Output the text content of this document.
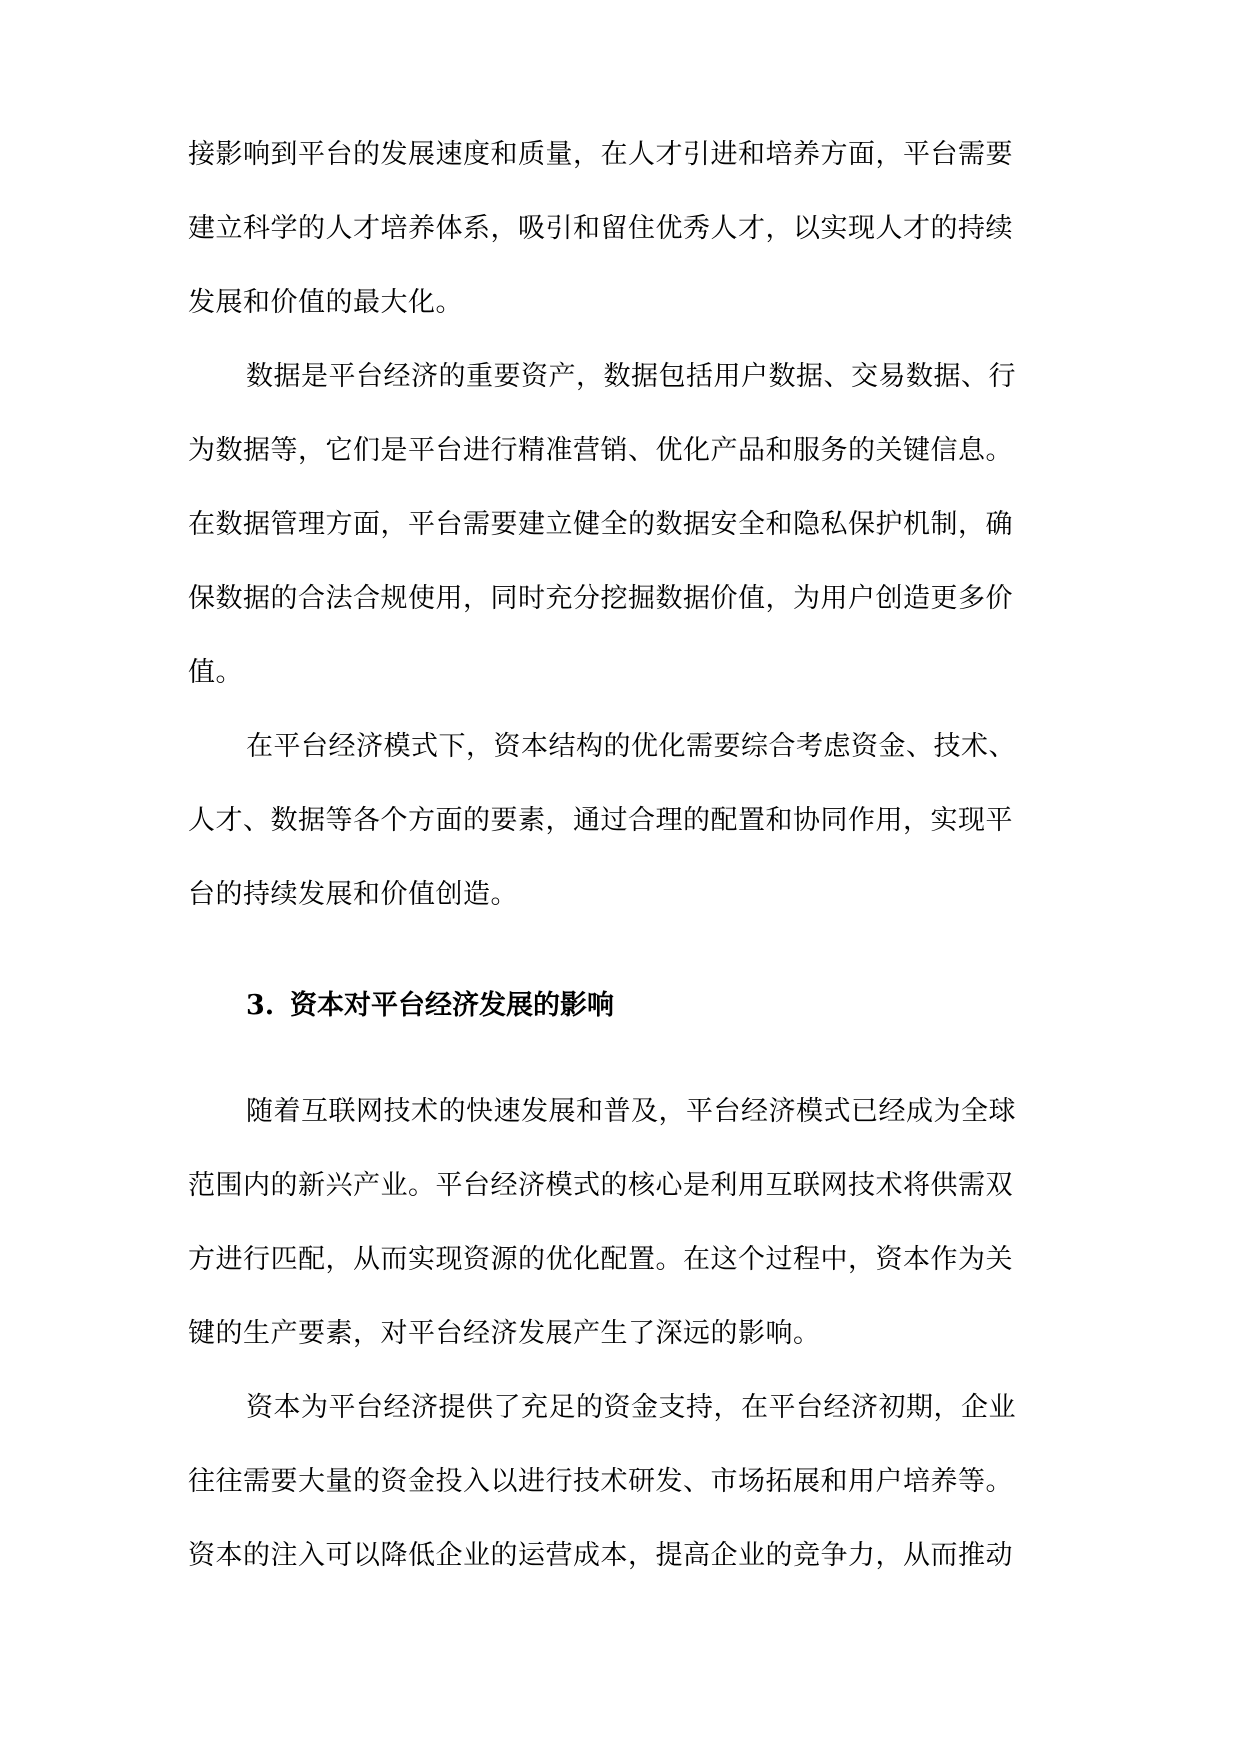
接影响到平台的发展速度和质量，在人才引进和培养方面，平台需要
建立科学的人才培养体系，吸引和留住优秀人才，以实现人才的持续
发展和价值的最大化。
数据是平台经济的重要资产，数据包括用户数据、交易数据、行
为数据等，它们是平台进行精准营销、优化产品和服务的关键信息。
在数据管理方面，平台需要建立健全的数据安全和隐私保护机制，确
保数据的合法合规使用，同时充分挖掘数据价值，为用户创造更多价
值。
在平台经济模式下，资本结构的优化需要综合考虑资金、技术、
人才、数据等各个方面的要素，通过合理的配置和协同作用，实现平
台的持续发展和价值创造。
3. 资本对平台经济发展的影响
随着互联网技术的快速发展和普及，平台经济模式已经成为全球
范围内的新兴产业。平台经济模式的核心是利用互联网技术将供需双
方进行匹配，从而实现资源的优化配置。在这个过程中，资本作为关
键的生产要素，对平台经济发展产生了深远的影响。
资本为平台经济提供了充足的资金支持，在平台经济初期，企业
往往需要大量的资金投入以进行技术研发、市场拓展和用户培养等。
资本的注入可以降低企业的运营成本，提高企业的竞争力，从而推动
